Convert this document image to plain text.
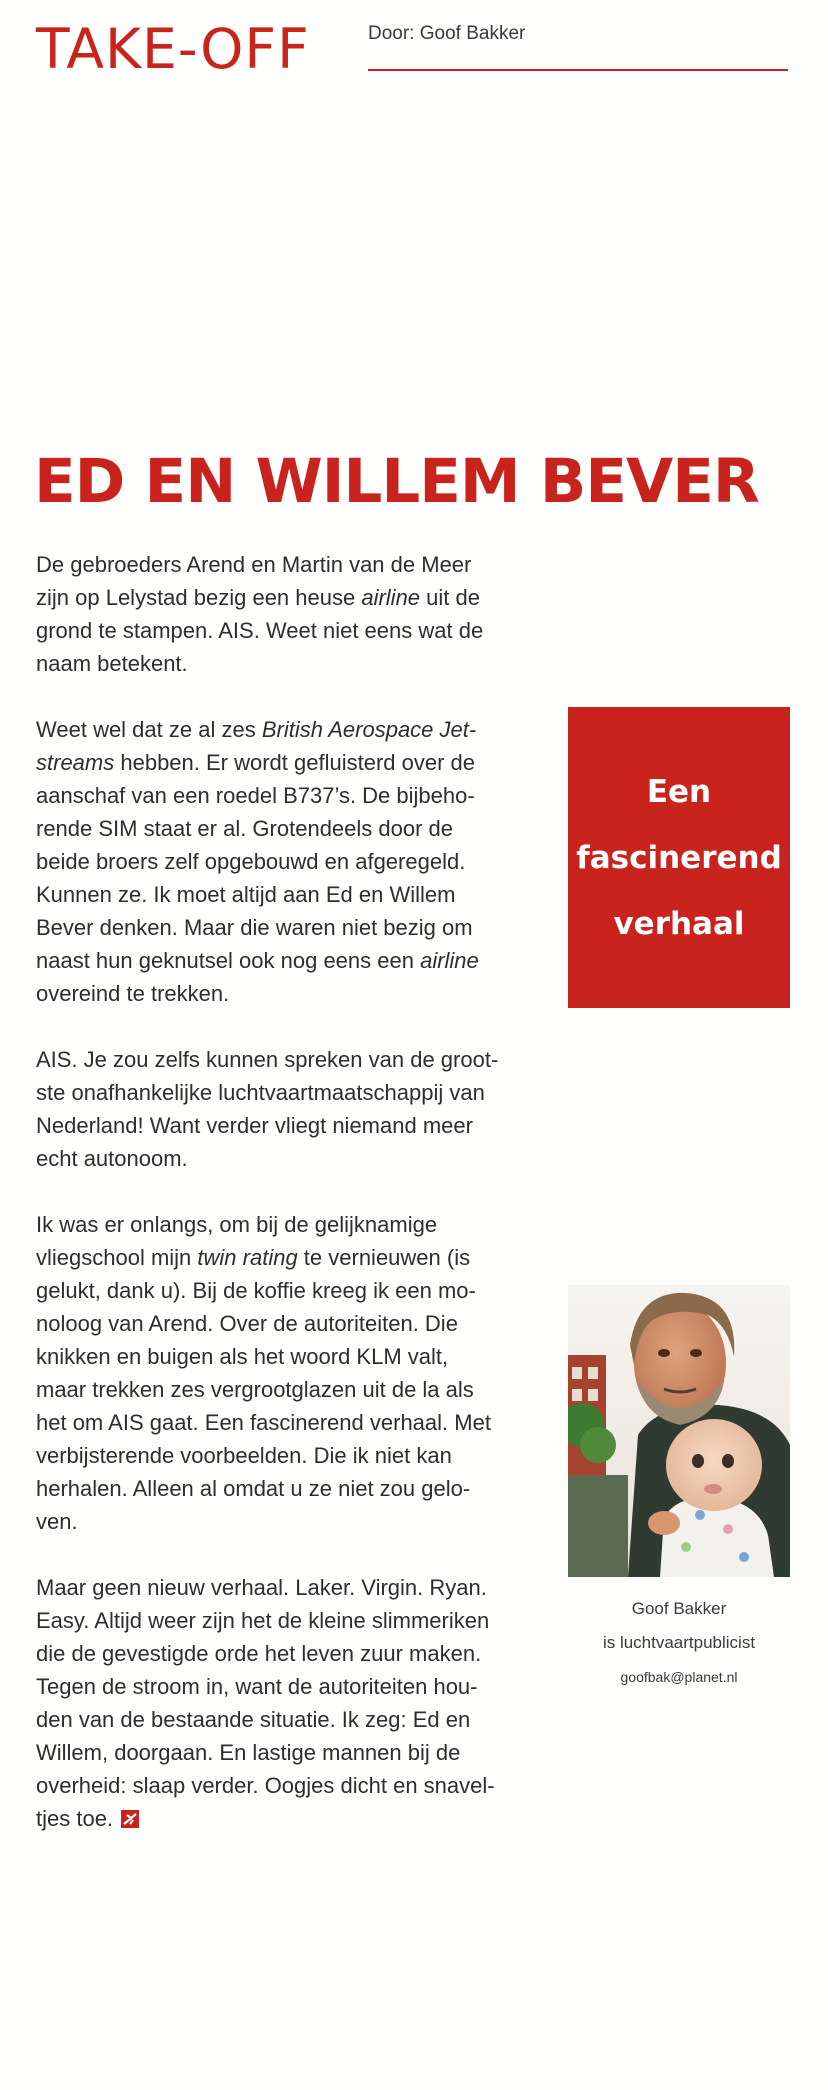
TAKE-OFF	Door: Goof Bakker
ED EN WILLEM BEVER

De gebroeders Arend en Martin van de Meer
zijn op Lelystad bezig een heuse airline uit de
grond te stampen. AIS. Weet niet eens wat de
naam betekent.

Weet wel dat ze al zes British Aerospace Jet-
streams hebben. Er wordt gefluisterd over de
aanschaf van een roedel B737’s. De bijbeho-
rende SIM staat er al. Grotendeels door de
beide broers zelf opgebouwd en afgeregeld.
Kunnen ze. Ik moet altijd aan Ed en Willem
Bever denken. Maar die waren niet bezig om
naast hun geknutsel ook nog eens een airline
overeind te trekken.

AIS. Je zou zelfs kunnen spreken van de groot-
ste onafhankelijke luchtvaartmaatschappij van
Nederland! Want verder vliegt niemand meer
echt autonoom.

Ik was er onlangs, om bij de gelijknamige
vliegschool mijn twin rating te vernieuwen (is
gelukt, dank u). Bij de koffie kreeg ik een mo-
noloog van Arend. Over de autoriteiten. Die
knikken en buigen als het woord KLM valt,
maar trekken zes vergrootglazen uit de la als
het om AIS gaat. Een fascinerend verhaal. Met
verbijsterende voorbeelden. Die ik niet kan
herhalen. Alleen al omdat u ze niet zou gelo-
ven.

Maar geen nieuw verhaal. Laker. Virgin. Ryan.
Easy. Altijd weer zijn het de kleine slimmeriken
die de gevestigde orde het leven zuur maken.
Tegen de stroom in, want de autoriteiten hou-
den van de bestaande situatie. Ik zeg: Ed en
Willem, doorgaan. En lastige mannen bij de
overheid: slaap verder. Oogjes dicht en snavel-
tjes toe.

Een
fascinerend
verhaal
Goof Bakker
is luchtvaartpublicist
goofbak@planet.nl
